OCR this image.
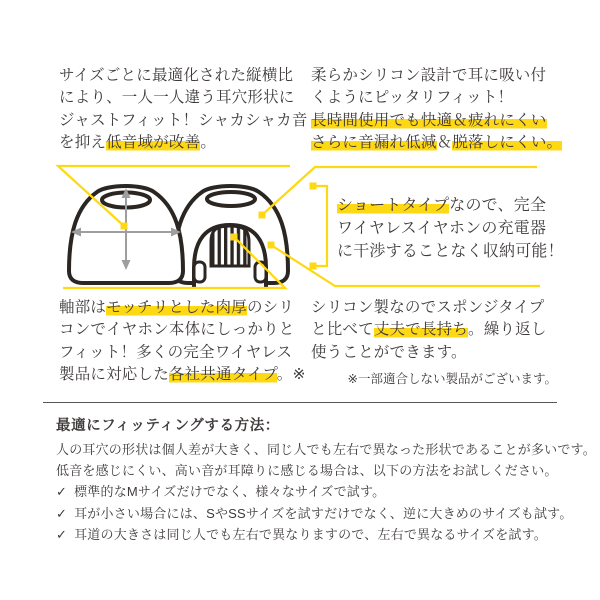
サイズごとに最適化された縦横比
により、一人一人違う耳穴形状に
ジャストフィット！シャカシャカ音
を抑え低音域が改善。
柔らかシリコン設計で耳に吸い付
くようにピッタリフィット！
長時間使用でも快適＆疲れにくい
さらに音漏れ低減＆脱落しにくい。
ショートタイプなので、完全
ワイヤレスイヤホンの充電器
に干渉することなく収納可能！
軸部はモッチリとした肉厚のシリ
コンでイヤホン本体にしっかりと
フィット！多くの完全ワイヤレス
製品に対応した各社共通タイプ。※
シリコン製なのでスポンジタイプ
と比べて丈夫で長持ち。繰り返し
使うことができます。
※一部適合しない製品がございます。
最適にフィッティングする方法：
人の耳穴の形状は個人差が大きく、同じ人でも左右で異なった形状であることが多いです。
低音を感じにくい、高い音が耳障りに感じる場合は、以下の方法をお試しください。
✓ 標準的なMサイズだけでなく、様々なサイズで試す。
✓ 耳が小さい場合には、SやSSサイズを試すだけでなく、逆に大きめのサイズも試す。
✓ 耳道の大きさは同じ人でも左右で異なりますので、左右で異なるサイズを試す。
